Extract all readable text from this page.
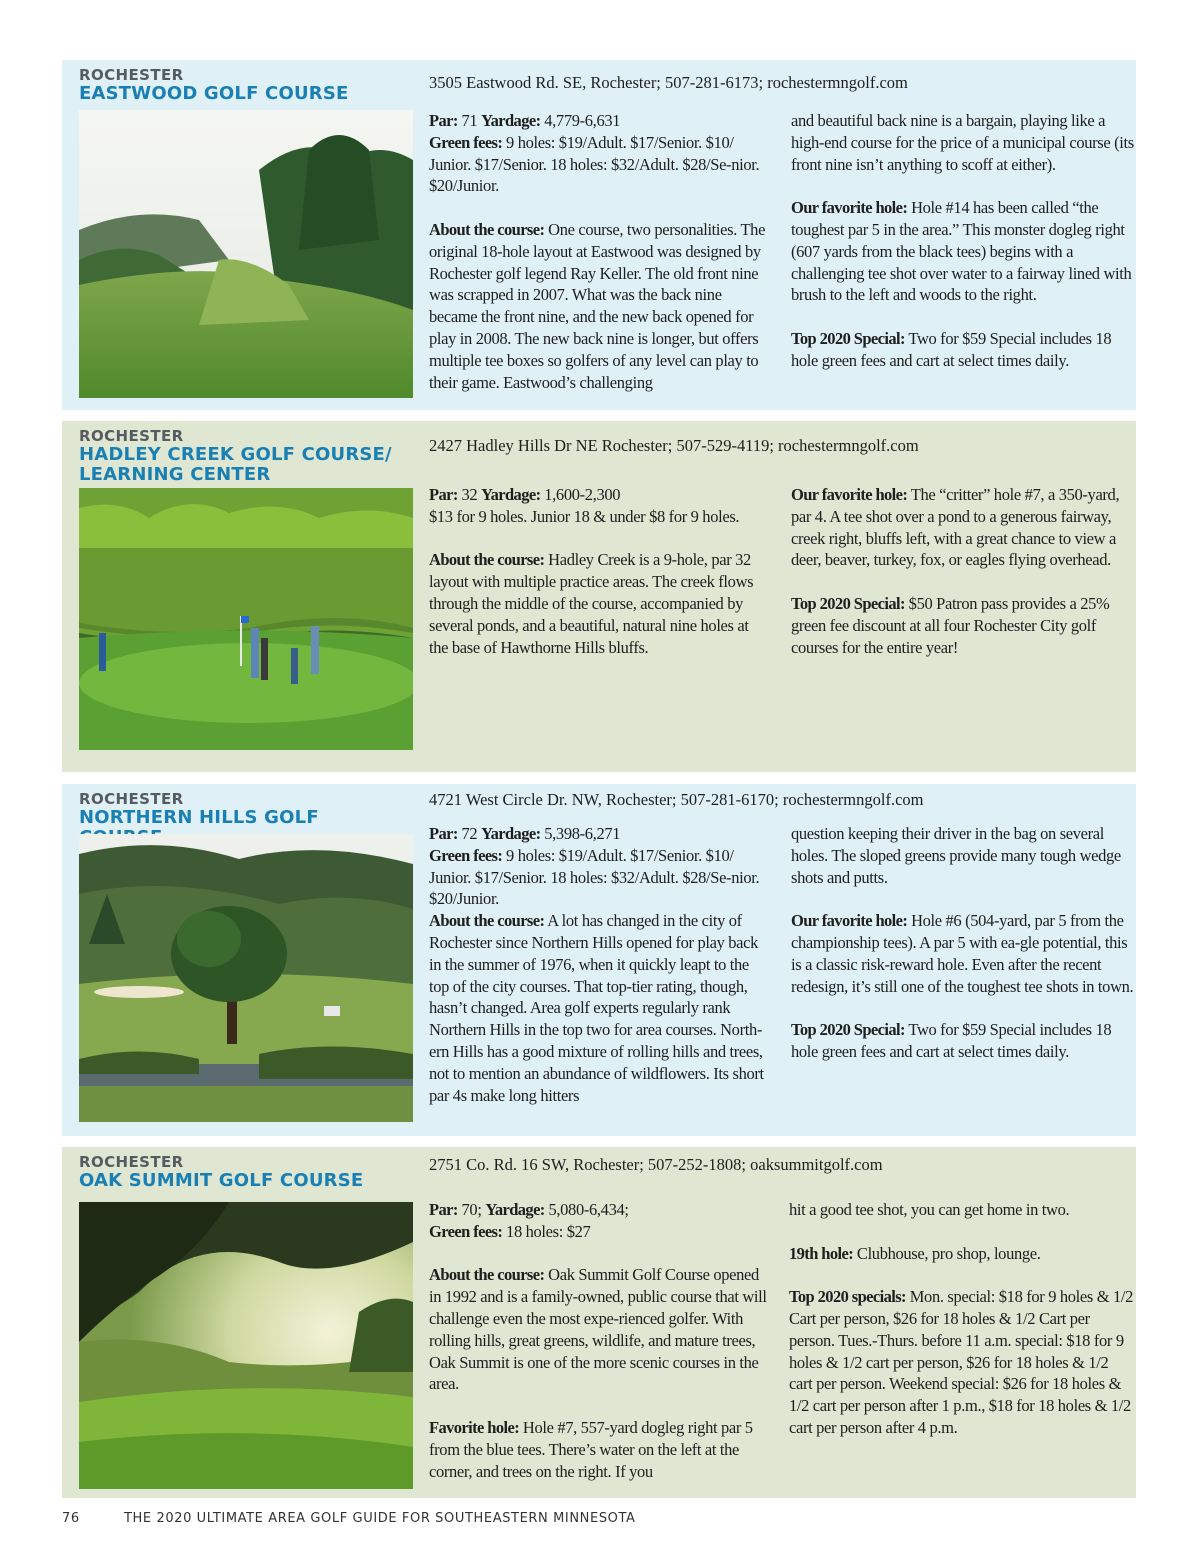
ROCHESTER
EASTWOOD GOLF COURSE
3505 Eastwood Rd. SE, Rochester; 507-281-6173; rochestermngolf.com

Par: 71 Yardage: 4,779-6,631
Green fees: 9 holes: $19/Adult. $17/Senior. $10/ Junior. $17/Senior. 18 holes: $32/Adult. $28/Se-nior. $20/Junior.

About the course: One course, two personalities. The original 18-hole layout at Eastwood was designed by Rochester golf legend Ray Keller. The old front nine was scrapped in 2007. What was the back nine became the front nine, and the new back opened for play in 2008. The new back nine is longer, but offers multiple tee boxes so golfers of any level can play to their game. Eastwood’s challenging

and beautiful back nine is a bargain, playing like a high-end course for the price of a municipal course (its front nine isn’t anything to scoff at either).

Our favorite hole: Hole #14 has been called “the toughest par 5 in the area.” This monster dogleg right (607 yards from the black tees) begins with a challenging tee shot over water to a fairway lined with brush to the left and woods to the right.

Top 2020 Special: Two for $59 Special includes 18 hole green fees and cart at select times daily.

ROCHESTER
HADLEY CREEK GOLF COURSE/ LEARNING CENTER
2427 Hadley Hills Dr NE Rochester; 507-529-4119; rochestermngolf.com

Par: 32 Yardage: 1,600-2,300
$13 for 9 holes. Junior 18 & under $8 for 9 holes.

About the course: Hadley Creek is a 9-hole, par 32 layout with multiple practice areas. The creek flows through the middle of the course, accompanied by several ponds, and a beautiful, natural nine holes at the base of Hawthorne Hills bluffs.

Our favorite hole: The “critter” hole #7, a 350-yard, par 4. A tee shot over a pond to a generous fairway, creek right, bluffs left, with a great chance to view a deer, beaver, turkey, fox, or eagles flying overhead.

Top 2020 Special: $50 Patron pass provides a 25% green fee discount at all four Rochester City golf courses for the entire year!

ROCHESTER
NORTHERN HILLS GOLF
4721 West Circle Dr. NW, Rochester; 507-281-6170; rochestermngolf.com

Par: 72 Yardage: 5,398-6,271
Green fees: 9 holes: $19/Adult. $17/Senior. $10/ Junior. $17/Senior. 18 holes: $32/Adult. $28/Se-nior. $20/Junior.

About the course: A lot has changed in the city of Rochester since Northern Hills opened for play back in the summer of 1976, when it quickly leapt to the top of the city courses. That top-tier rating, though, hasn’t changed. Area golf experts regularly rank Northern Hills in the top two for area courses. North-ern Hills has a good mixture of rolling hills and trees, not to mention an abundance of wildflowers. Its short par 4s make long hitters

question keeping their driver in the bag on several holes. The sloped greens provide many tough wedge shots and putts.

Our favorite hole: Hole #6 (504-yard, par 5 from the championship tees). A par 5 with ea-gle potential, this is a classic risk-reward hole. Even after the recent redesign, it’s still one of the toughest tee shots in town.

Top 2020 Special: Two for $59 Special includes 18 hole green fees and cart at select times daily.

ROCHESTER
OAK SUMMIT GOLF COURSE
2751 Co. Rd. 16 SW, Rochester; 507-252-1808; oaksummitgolf.com

Par: 70; Yardage: 5,080-6,434;
Green fees: 18 holes: $27

About the course: Oak Summit Golf Course opened in 1992 and is a family-owned, public course that will challenge even the most expe-rienced golfer. With rolling hills, great greens, wildlife, and mature trees, Oak Summit is one of the more scenic courses in the area.

Favorite hole: Hole #7, 557-yard dogleg right par 5 from the blue tees. There’s water on the left at the corner, and trees on the right. If you

hit a good tee shot, you can get home in two.

19th hole: Clubhouse, pro shop, lounge.

Top 2020 specials: Mon. special: $18 for 9 holes & 1/2 Cart per person, $26 for 18 holes & 1/2 Cart per person. Tues.-Thurs. before 11 a.m. special: $18 for 9 holes & 1/2 cart per person, $26 for 18 holes & 1/2 cart per person. Weekend special: $26 for 18 holes & 1/2 cart per person after 1 p.m., $18 for 18 holes & 1/2 cart per person after 4 p.m.

76	THE 2020 ULTIMATE AREA GOLF GUIDE FOR SOUTHEASTERN MINNESOTA
